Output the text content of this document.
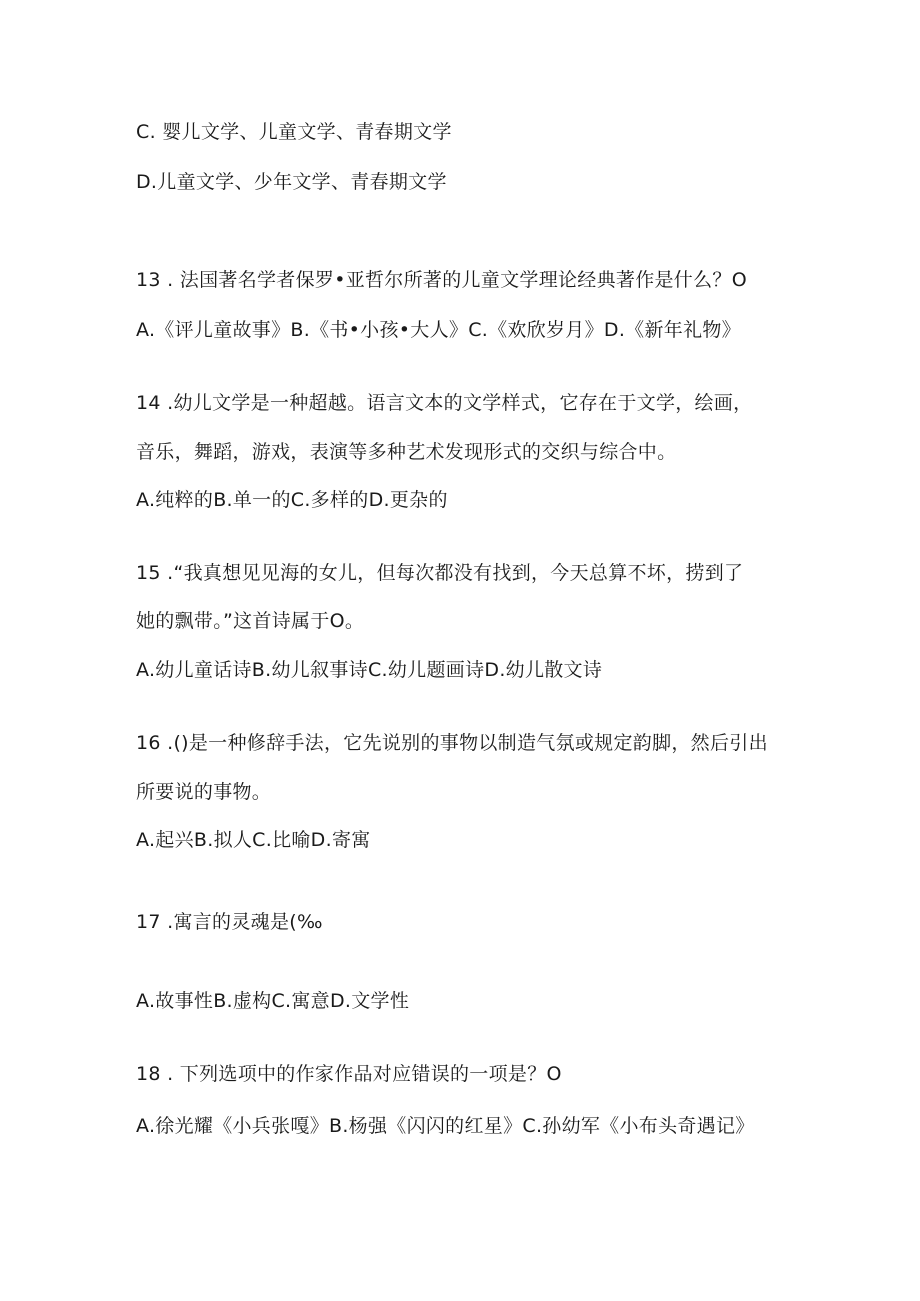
C. 婴儿文学、儿童文学、青春期文学
D.儿童文学、少年文学、青春期文学
13 . 法国著名学者保罗•亚哲尔所著的儿童文学理论经典著作是什么？O
A.《评儿童故事》B.《书•小孩•大人》C.《欢欣岁月》D.《新年礼物》
14 .幼儿文学是一种超越。语言文本的文学样式，它存在于文学，绘画，
音乐，舞蹈，游戏，表演等多种艺术发现形式的交织与综合中。
A.纯粹的B.单一的C.多样的D.更杂的
15 .“我真想见见海的女儿，但每次都没有找到，今天总算不坏，捞到了
她的飘带。”这首诗属于O。
A.幼儿童话诗B.幼儿叙事诗C.幼儿题画诗D.幼儿散文诗
16 .()是一种修辞手法，它先说别的事物以制造气氛或规定韵脚，然后引出
所要说的事物。
A.起兴B.拟人C.比喻D.寄寓
17 .寓言的灵魂是(‰
A.故事性B.虚构C.寓意D.文学性
18 . 下列选项中的作家作品对应错误的一项是？O
A.徐光耀《小兵张嘎》B.杨强《闪闪的红星》C.孙幼军《小布头奇遇记》
